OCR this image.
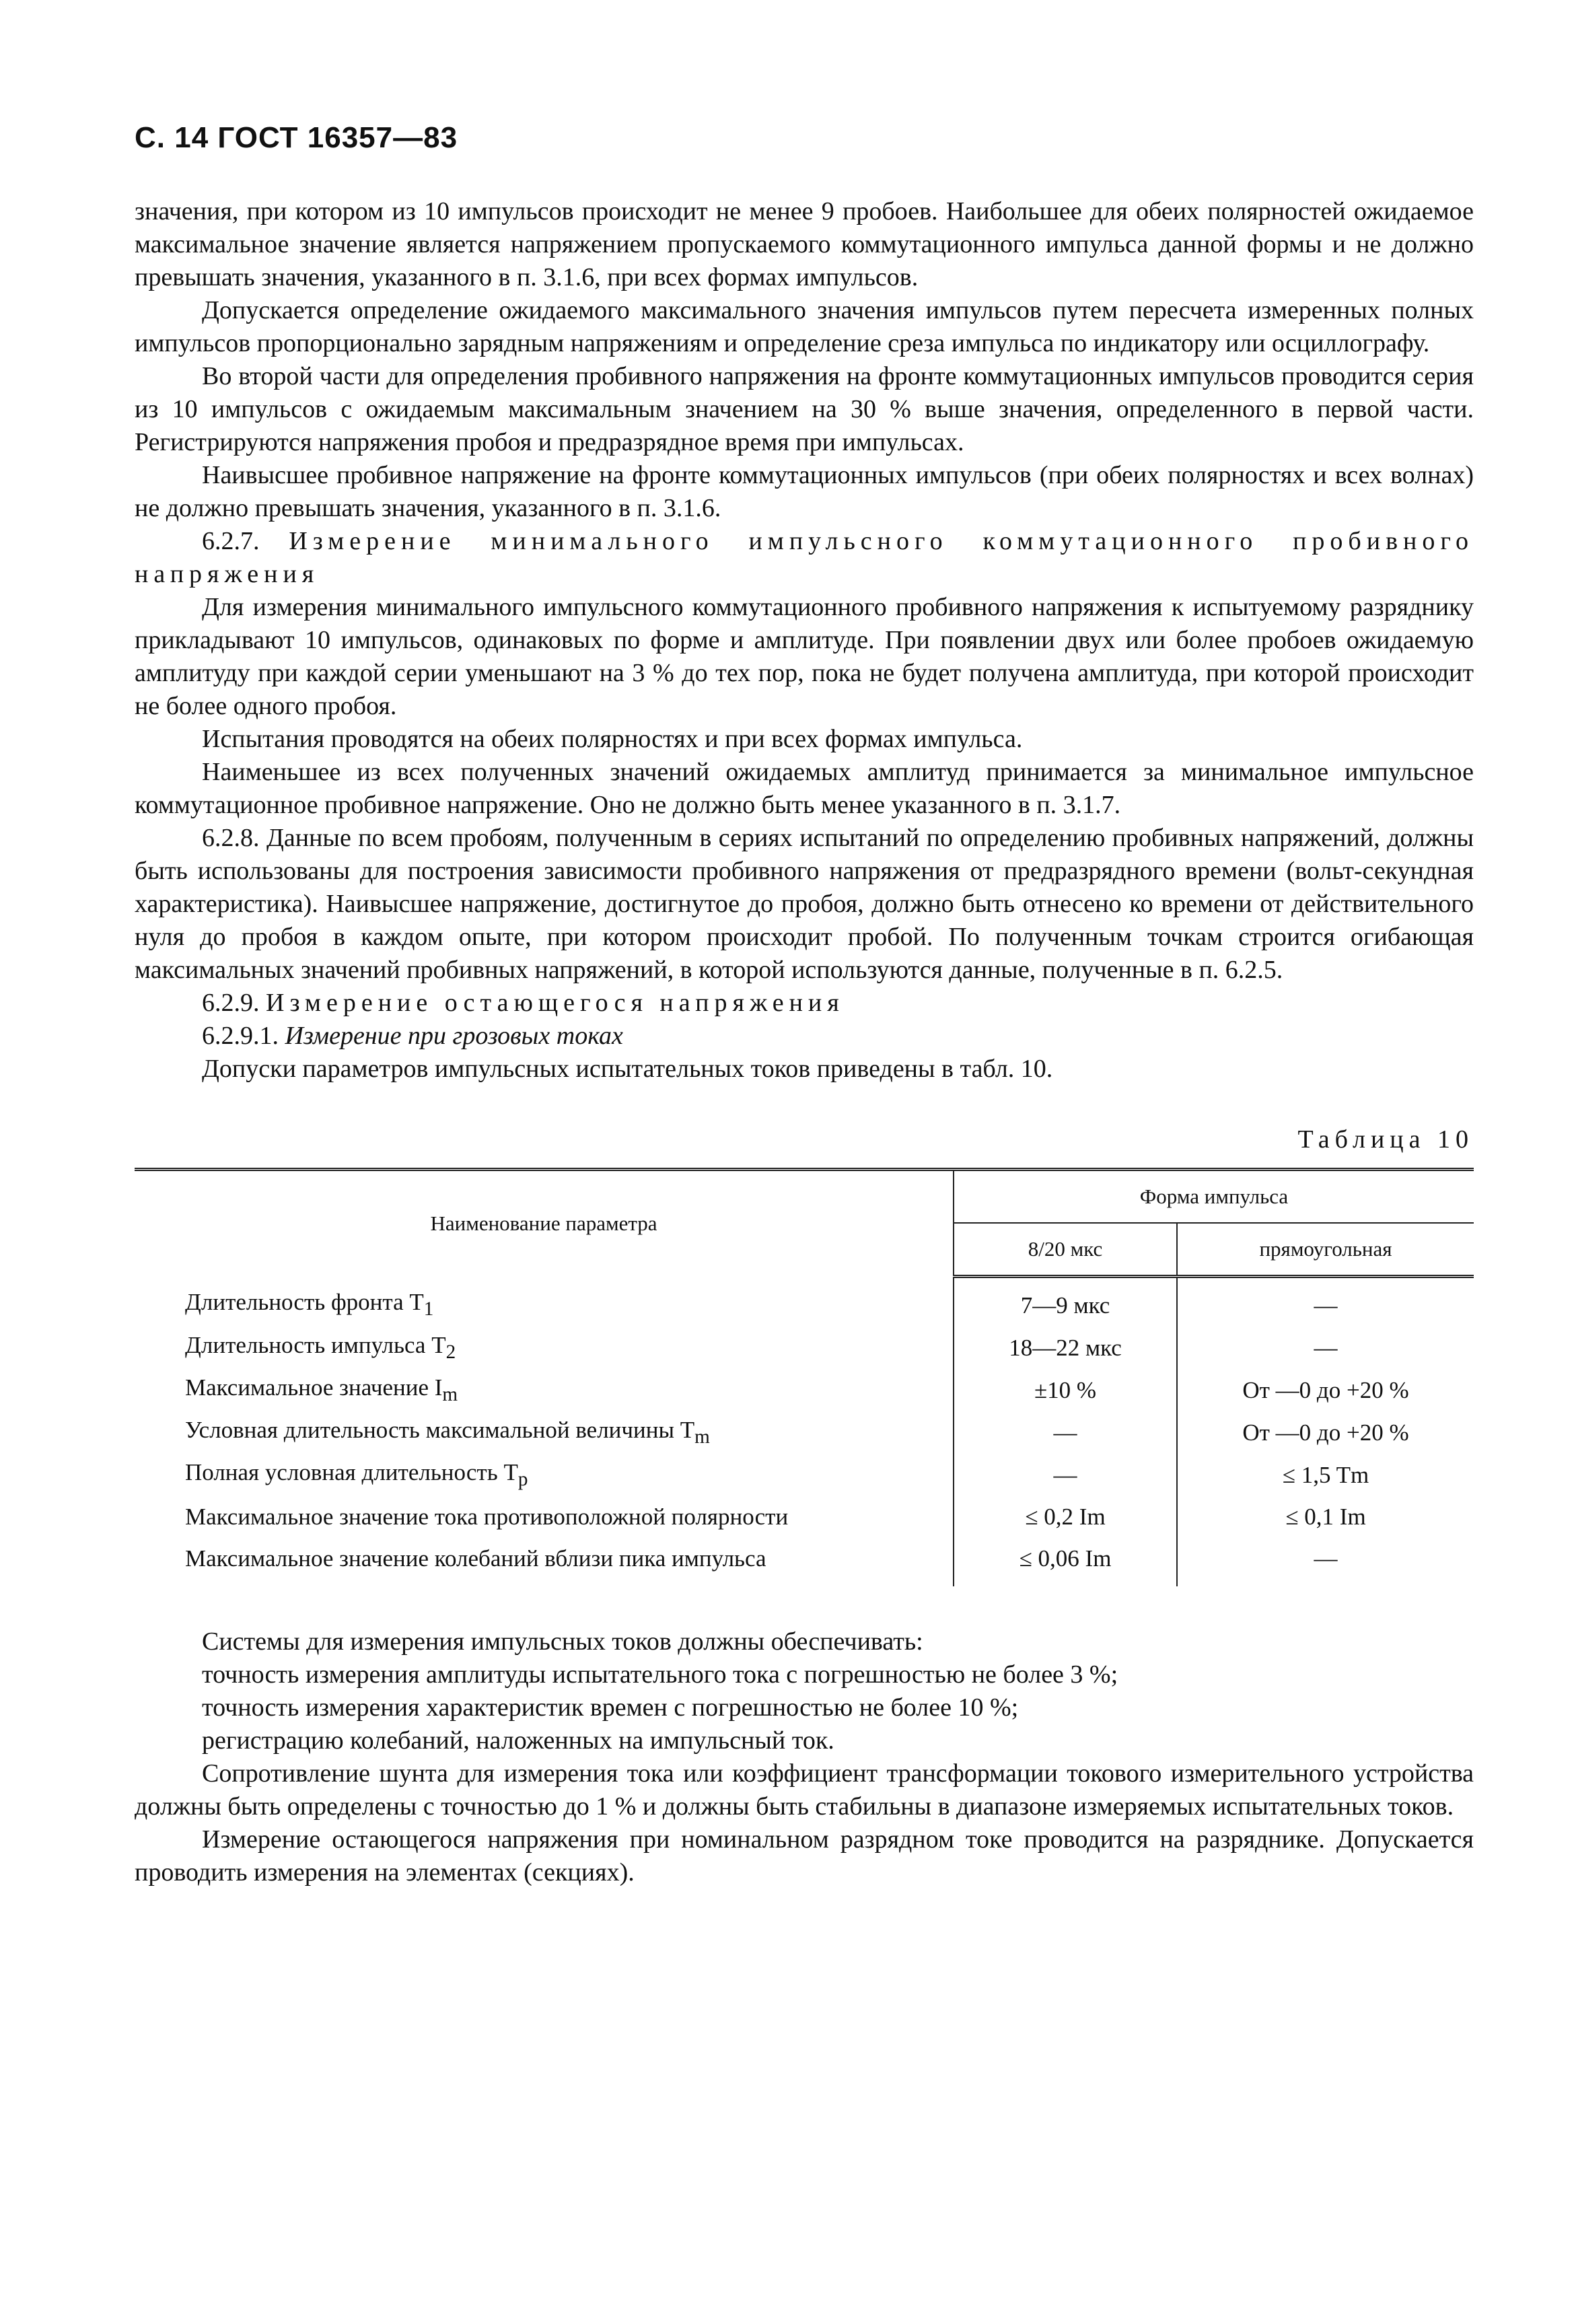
С. 14 ГОСТ 16357—83

значения, при котором из 10 импульсов происходит не менее 9 пробоев. Наибольшее для обеих полярностей ожидаемое максимальное значение является напряжением пропускаемого коммутационного импульса данной формы и не должно превышать значения, указанного в п. 3.1.6, при всех формах импульсов.

Допускается определение ожидаемого максимального значения импульсов путем пересчета измеренных полных импульсов пропорционально зарядным напряжениям и определение среза импульса по индикатору или осциллографу.

Во второй части для определения пробивного напряжения на фронте коммутационных импульсов проводится серия из 10 импульсов с ожидаемым максимальным значением на 30 % выше значения, определенного в первой части. Регистрируются напряжения пробоя и предразрядное время при импульсах.

Наивысшее пробивное напряжение на фронте коммутационных импульсов (при обеих полярностях и всех волнах) не должно превышать значения, указанного в п. 3.1.6.

6.2.7. Измерение минимального импульсного коммутационного пробивного напряжения

Для измерения минимального импульсного коммутационного пробивного напряжения к испытуемому разряднику прикладывают 10 импульсов, одинаковых по форме и амплитуде. При появлении двух или более пробоев ожидаемую амплитуду при каждой серии уменьшают на 3 % до тех пор, пока не будет получена амплитуда, при которой происходит не более одного пробоя.

Испытания проводятся на обеих полярностях и при всех формах импульса.

Наименьшее из всех полученных значений ожидаемых амплитуд принимается за минимальное импульсное коммутационное пробивное напряжение. Оно не должно быть менее указанного в п. 3.1.7.

6.2.8. Данные по всем пробоям, полученным в сериях испытаний по определению пробивных напряжений, должны быть использованы для построения зависимости пробивного напряжения от предразрядного времени (вольт-секундная характеристика). Наивысшее напряжение, достигнутое до пробоя, должно быть отнесено ко времени от действительного нуля до пробоя в каждом опыте, при котором происходит пробой. По полученным точкам строится огибающая максимальных значений пробивных напряжений, в которой используются данные, полученные в п. 6.2.5.

6.2.9. Измерение остающегося напряжения

6.2.9.1. Измерение при грозовых токах

Допуски параметров импульсных испытательных токов приведены в табл. 10.

Таблица 10
Наименование параметра	Форма импульса	
	8/20 мкс	прямоугольная
Длительность фронта $T_1$	7—9 мкс	—
Длительность импульса $T_2$	18—22 мкс	—
Максимальное значение $I_m$	±10 %	От —0 до +20 %
Условная длительность максимальной величины $T_m$	—	От —0 до +20 %
Полная условная длительность $T_p$	—	≤ 1,5 Tm
Максимальное значение тока противоположной полярности	≤ 0,2 Im	≤ 0,1 Im
Максимальное значение колебаний вблизи пика импульса	≤ 0,06 Im	—

Системы для измерения импульсных токов должны обеспечивать:

точность измерения амплитуды испытательного тока с погрешностью не более 3 %;

точность измерения характеристик времен с погрешностью не более 10 %;

регистрацию колебаний, наложенных на импульсный ток.

Сопротивление шунта для измерения тока или коэффициент трансформации токового измерительного устройства должны быть определены с точностью до 1 % и должны быть стабильны в диапазоне измеряемых испытательных токов.

Измерение остающегося напряжения при номинальном разрядном токе проводится на разряднике. Допускается проводить измерения на элементах (секциях).
